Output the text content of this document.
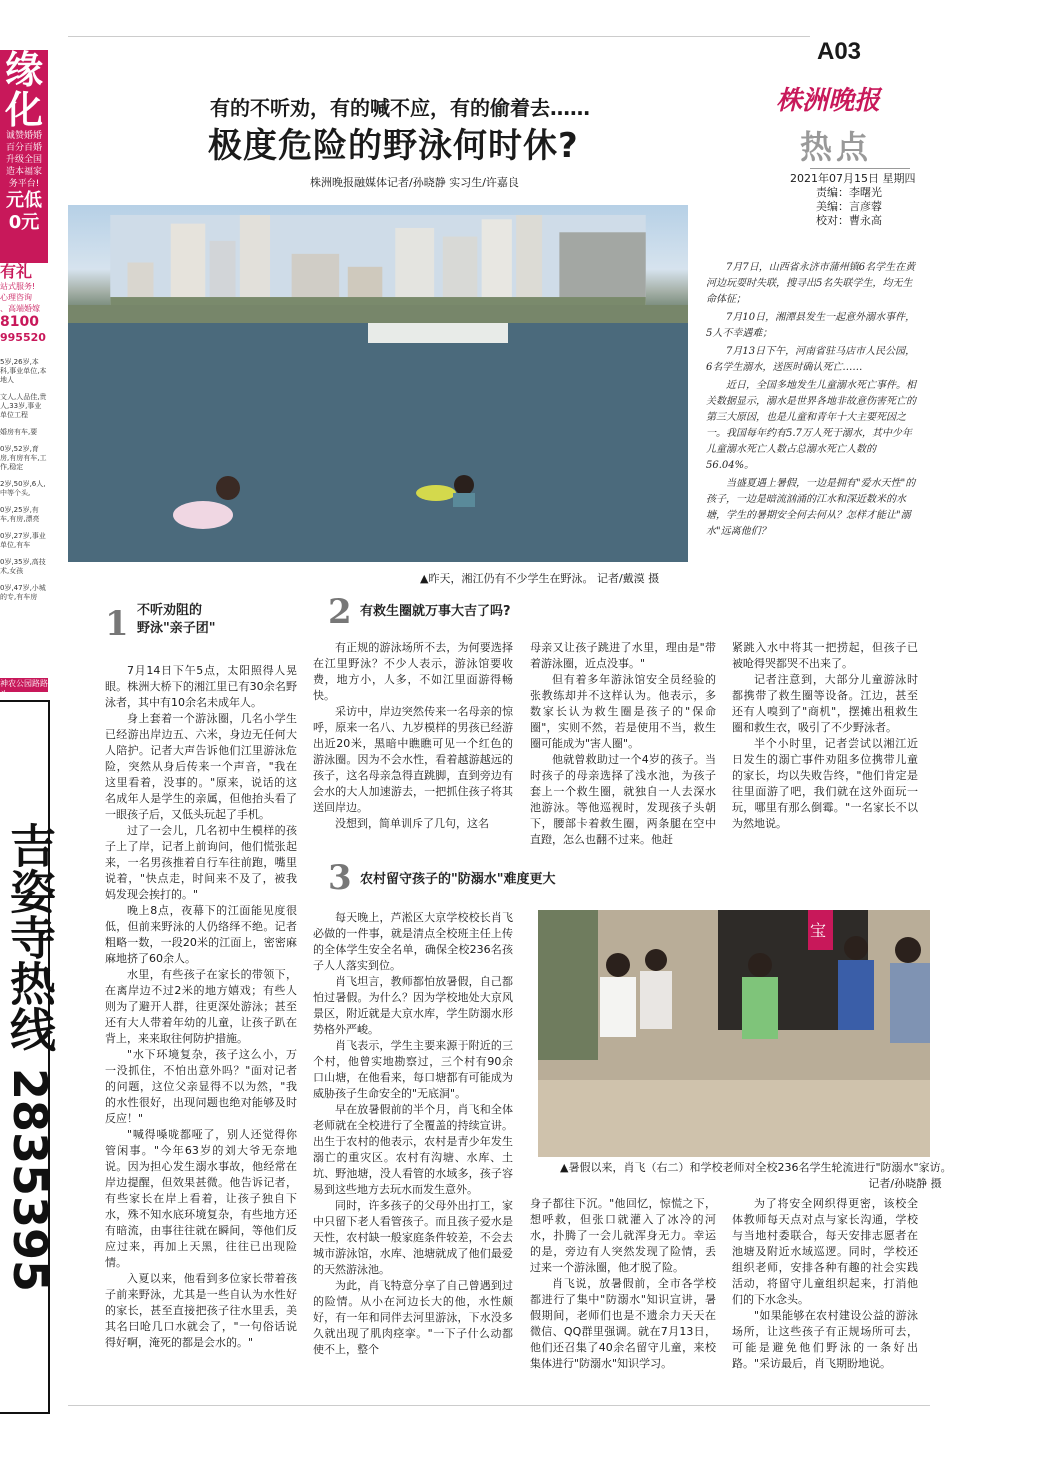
缘
化
诚赞婚婚
百分百婚
升级全国
造本福家
务平台!
元低
0元
有礼
站式服务!
心理咨询
、高端婚嫁
8100
995520

5岁,26岁,本科,事业单位,本地人

文人,人品佳,贵人,33岁,事业单位工程

婚房有车,要

0岁,52岁,育房,有房有车,工作,稳定

2岁,50岁,6人,中等个头,

0岁,25岁,有车,有房,漂亮

0岁,27岁,事业单位,有车

0岁,35岁,高技术,女孩

0岁,47岁,小城的专,有车房

神农公园路路头
吉姿寺热线 2835395
A03
株洲晚报
热点
2021年07月15日 星期四
责编：李曙光
美编：言彦蓉
校对：曹永高
有的不听劝，有的喊不应，有的偷着去……
极度危险的野泳何时休?
株洲晚报融媒体记者/孙晓静 实习生/许嘉良
▲昨天，湘江仍有不少学生在野泳。 记者/戴漠 摄

7月7日，山西省永济市蒲州镇6名学生在黄河边玩耍时失联，搜寻出5名失联学生，均无生命体征；

7月10日，湘潭县发生一起意外溺水事件，5人不幸遇难；

7月13日下午，河南省驻马店市人民公园，6名学生溺水，送医时确认死亡……

近日，全国多地发生儿童溺水死亡事件。相关数据显示，溺水是世界各地非故意伤害死亡的第三大原因，也是儿童和青年十大主要死因之一。我国每年约有5.7万人死于溺水，其中少年儿童溺水死亡人数占总溺水死亡人数的56.04%。

当盛夏遇上暑假，一边是拥有"爱水天性"的孩子，一边是暗流汹涌的江水和深近数米的水塘，学生的暑期安全何去何从？怎样才能让"溺水"远离他们？

1 不听劝阻的
野泳"亲子团"

7月14日下午5点，太阳照得人晃眼。株洲大桥下的湘江里已有30余名野泳者，其中有10余名未成年人。

身上套着一个游泳圈，几名小学生已经游出岸边五、六米，身边无任何大人陪护。记者大声告诉他们江里游泳危险，突然从身后传来一个声音，"我在这里看着，没事的。"原来，说话的这名成年人是学生的亲属，但他抬头看了一眼孩子后，又低头玩起了手机。

过了一会儿，几名初中生模样的孩子上了岸，记者上前询问，他们慌张起来，一名男孩推着自行车往前跑，嘴里说着，"快点走，时间来不及了，被我妈发现会挨打的。"

晚上8点，夜幕下的江面能见度很低，但前来野泳的人仍络绎不绝。记者粗略一数，一段20米的江面上，密密麻麻地挤了60余人。

水里，有些孩子在家长的带领下，在离岸边不过2米的地方嬉戏；有些人则为了避开人群，往更深处游泳；甚至还有大人带着年幼的儿童，让孩子趴在背上，来来取往何防护措施。

"水下环境复杂，孩子这么小，万一没抓住，不怕出意外吗？"面对记者的问题，这位父亲显得不以为然，"我的水性很好，出现问题也绝对能够及时反应！"

"喊得嗓咙都哑了，别人还觉得你管闲事。"今年63岁的刘大爷无奈地说。因为担心发生溺水事故，他经常在岸边提醒，但效果甚微。他告诉记者，有些家长在岸上看着，让孩子独自下水，殊不知水底环境复杂，有些地方还有暗流，由事往往就在瞬间，等他们反应过来，再加上天黑，往往已出现险情。

入夏以来，他看到多位家长带着孩子前来野泳，尤其是一些自认为水性好的家长，甚至直接把孩子往水里丢，美其名曰呛几口水就会了，"一句俗话说得好啊，淹死的都是会水的。"

2 有救生圈就万事大吉了吗?

有正规的游泳场所不去，为何要选择在江里野泳？不少人表示，游泳馆要收费，地方小，人多，不如江里面游得畅快。

采访中，岸边突然传来一名母亲的惊呼，原来一名八、九岁模样的男孩已经游出近20米，黑暗中瞧瞧可见一个红色的游泳圈。因为不会水性，看着越游越远的孩子，这名母亲急得直跳脚，直到旁边有会水的大人加速游去，一把抓住孩子将其送回岸边。

没想到，简单训斥了几句，这名

母亲又让孩子跳进了水里，理由是"带着游泳圈，近点没事。"

但有着多年游泳馆安全员经验的张教练却并不这样认为。他表示，多数家长认为救生圈是孩子的"保命圈"，实则不然，若是使用不当，救生圈可能成为"害人圈"。

他就曾救助过一个4岁的孩子。当时孩子的母亲选择了浅水池，为孩子套上一个救生圈，就独自一人去深水池游泳。等他巡视时，发现孩子头朝下，腰部卡着救生圈，两条腿在空中直蹬，怎么也翻不过来。他赶

紧跳入水中将其一把捞起，但孩子已被呛得哭都哭不出来了。

记者注意到，大部分儿童游泳时都携带了救生圈等设备。江边，甚至还有人嗅到了"商机"，摆摊出租救生圈和救生衣，吸引了不少野泳者。

半个小时里，记者尝试以湘江近日发生的溺亡事件劝阻多位携带儿童的家长，均以失败告终，"他们肯定是往里面游了吧，我们就在这外面玩一玩，哪里有那么倒霉。"一名家长不以为然地说。

3 农村留守孩子的"防溺水"难度更大

每天晚上，芦淞区大京学校校长肖飞必做的一件事，就是清点全校班主任上传的全体学生安全名单，确保全校236名孩子人人落实到位。

肖飞坦言，教师都怕放暑假，自己都怕过暑假。为什么？因为学校地处大京风景区，附近就是大京水库，学生防溺水形势格外严峻。

肖飞表示，学生主要来源于附近的三个村，他曾实地勘察过，三个村有90余口山塘，在他看来，每口塘都有可能成为威胁孩子生命安全的"无底洞"。

早在放暑假前的半个月，肖飞和全体老师就在全校进行了全覆盖的持续宣讲。出生于农村的他表示，农村是青少年发生溺亡的重灾区。农村有沟塘、水库、土坑、野池塘，没人看管的水域多，孩子容易到这些地方去玩水而发生意外。

同时，许多孩子的父母外出打工，家中只留下老人看管孩子。而且孩子爱水是天性，农村缺一般家庭条件较差，不会去城市游泳馆，水库、池塘就成了他们最爱的天然游泳池。

为此，肖飞特意分享了自己曾遇到过的险情。从小在河边长大的他，水性颇好，有一年和同伴去河里游泳，下水没多久就出现了肌肉痉挛。"一下子什么动都使不上，整个

宝
▲暑假以来，肖飞（右二）和学校老师对全校236名学生轮流进行"防溺水"家访。
记者/孙晓静 摄

身子都往下沉。"他回忆，惊慌之下，想呼救，但张口就灌入了冰冷的河水，扑腾了一会儿就浑身无力。幸运的是，旁边有人突然发现了险情，丢过来一个游泳圈，他才脱了险。

肖飞说，放暑假前，全市各学校都进行了集中"防溺水"知识宣讲，暑假期间，老师们也是不遗余力天天在微信、QQ群里强调。就在7月13日，他们还召集了40余名留守儿童，来校集体进行"防溺水"知识学习。

为了将安全网织得更密，该校全体教师每天点对点与家长沟通，学校与当地村委联合，每天安排志愿者在池塘及附近水域巡逻。同时，学校还组织老师，安排各种有趣的社会实践活动，将留守儿童组织起来，打消他们的下水念头。

"如果能够在农村建设公益的游泳场所，让这些孩子有正规场所可去，可能是避免他们野泳的一条好出路。"采访最后，肖飞期盼地说。
